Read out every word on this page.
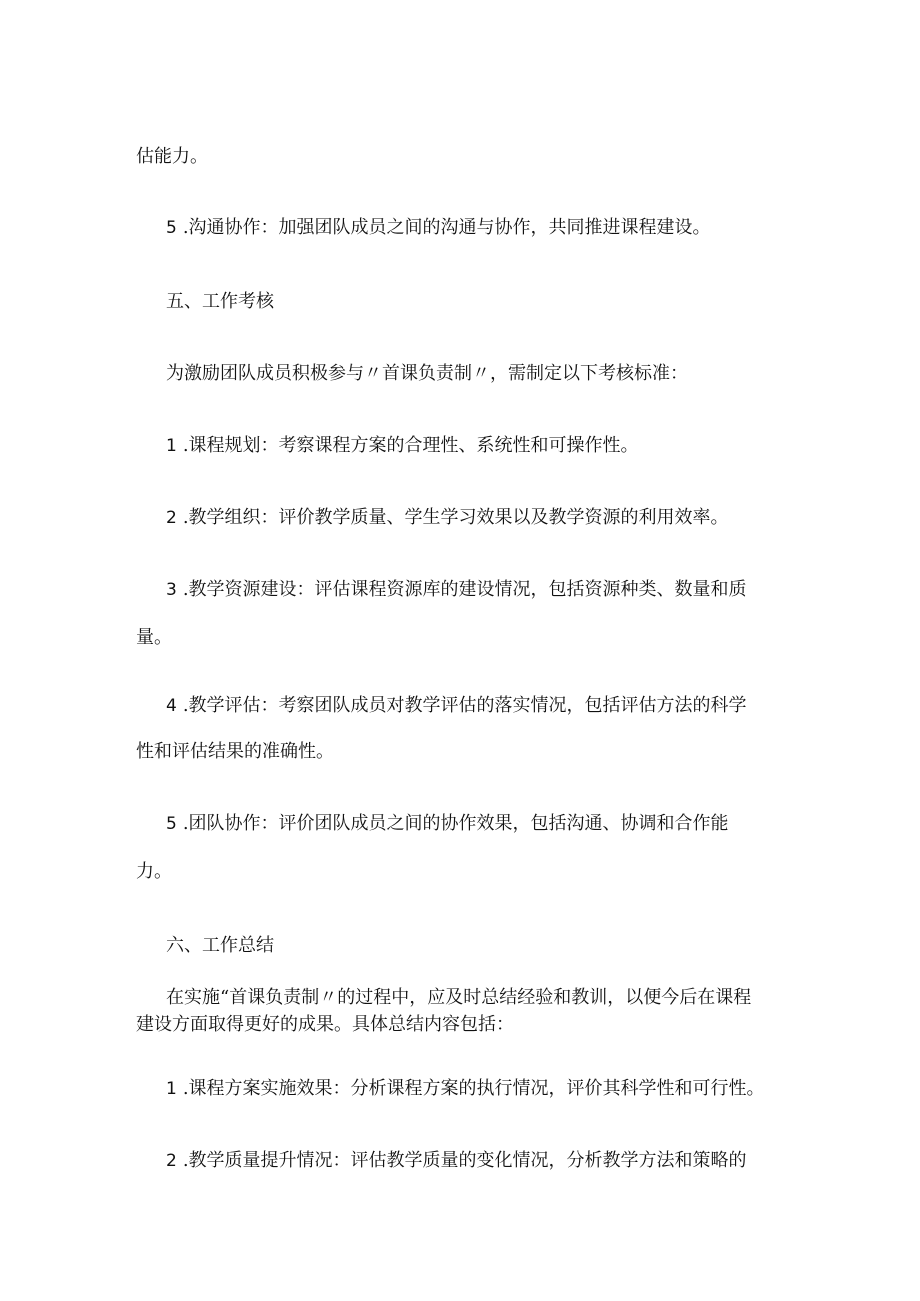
估能力。
5 .沟通协作：加强团队成员之间的沟通与协作，共同推进课程建设。
五、工作考核
为激励团队成员积极参与〃首课负责制〃，需制定以下考核标准：
1 .课程规划：考察课程方案的合理性、系统性和可操作性。
2 .教学组织：评价教学质量、学生学习效果以及教学资源的利用效率。
3 .教学资源建设：评估课程资源库的建设情况，包括资源种类、数量和质
量。
4 .教学评估：考察团队成员对教学评估的落实情况，包括评估方法的科学
性和评估结果的准确性。
5 .团队协作：评价团队成员之间的协作效果，包括沟通、协调和合作能
力。
六、工作总结
在实施“首课负责制〃的过程中，应及时总结经验和教训，以便今后在课程
建设方面取得更好的成果。具体总结内容包括：
1 .课程方案实施效果：分析课程方案的执行情况，评价其科学性和可行性。
2 .教学质量提升情况：评估教学质量的变化情况，分析教学方法和策略的
